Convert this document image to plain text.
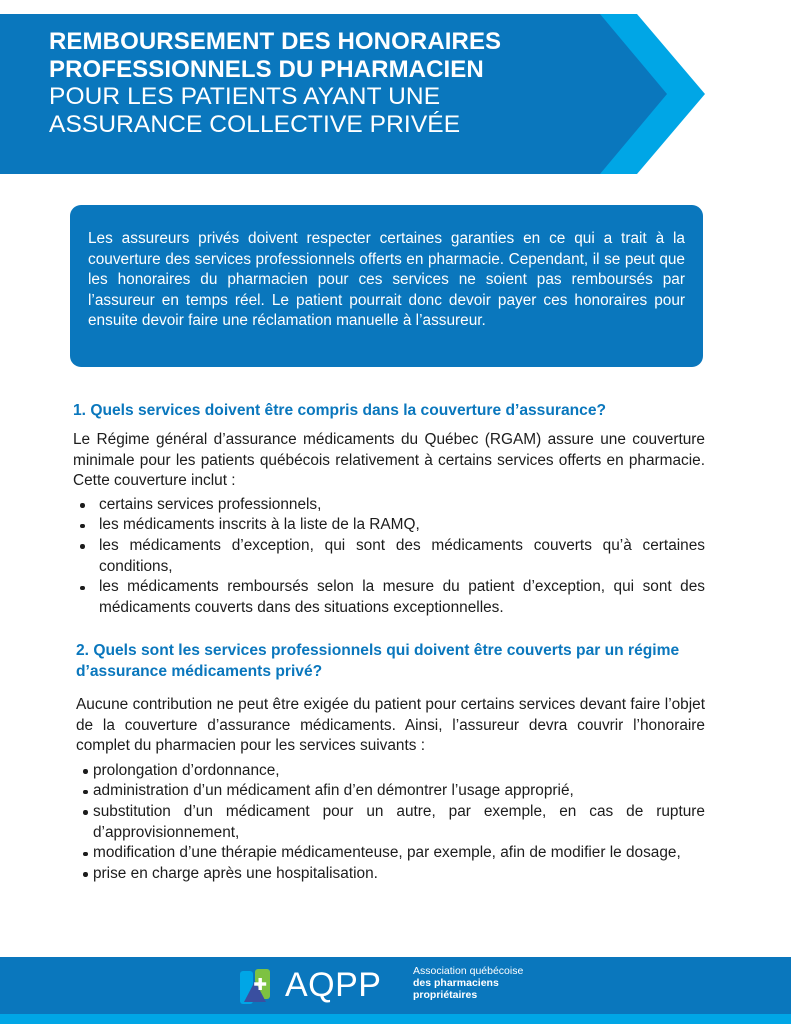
REMBOURSEMENT DES HONORAIRES
PROFESSIONNELS DU PHARMACIEN
POUR LES PATIENTS AYANT UNE
ASSURANCE COLLECTIVE PRIVÉE

Les assureurs privés doivent respecter certaines garanties en ce qui a trait à la couverture des services professionnels offerts en pharmacie. Cependant, il se peut que les honoraires du pharmacien pour ces services ne soient pas remboursés par l’assureur en temps réel. Le patient pourrait donc devoir payer ces honoraires pour ensuite devoir faire une réclamation manuelle à l’assureur.

1. Quels services doivent être compris dans la couverture d’assurance?

Le Régime général d’assurance médicaments du Québec (RGAM) assure une couverture minimale pour les patients québécois relativement à certains services offerts en pharmacie. Cette couverture inclut :

certains services professionnels,
les médicaments inscrits à la liste de la RAMQ,
les médicaments d’exception, qui sont des médicaments couverts qu’à certaines conditions,
les médicaments remboursés selon la mesure du patient d’exception, qui sont des médicaments couverts dans des situations exceptionnelles.
2. Quels sont les services professionnels qui doivent être couverts par un régime d’assurance médicaments privé?

Aucune contribution ne peut être exigée du patient pour certains services devant faire l’objet de la couverture d’assurance médicaments. Ainsi, l’assureur devra couvrir l’honoraire complet du pharmacien pour les services suivants :

prolongation d’ordonnance,
administration d’un médicament afin d’en démontrer l’usage approprié,
substitution d’un médicament pour un autre, par exemple, en cas de rupture d’approvisionnement,
modification d’une thérapie médicamenteuse, par exemple, afin de modifier le dosage,
prise en charge après une hospitalisation.
AQPP	Association québécoise
des pharmaciens
propriétaires
